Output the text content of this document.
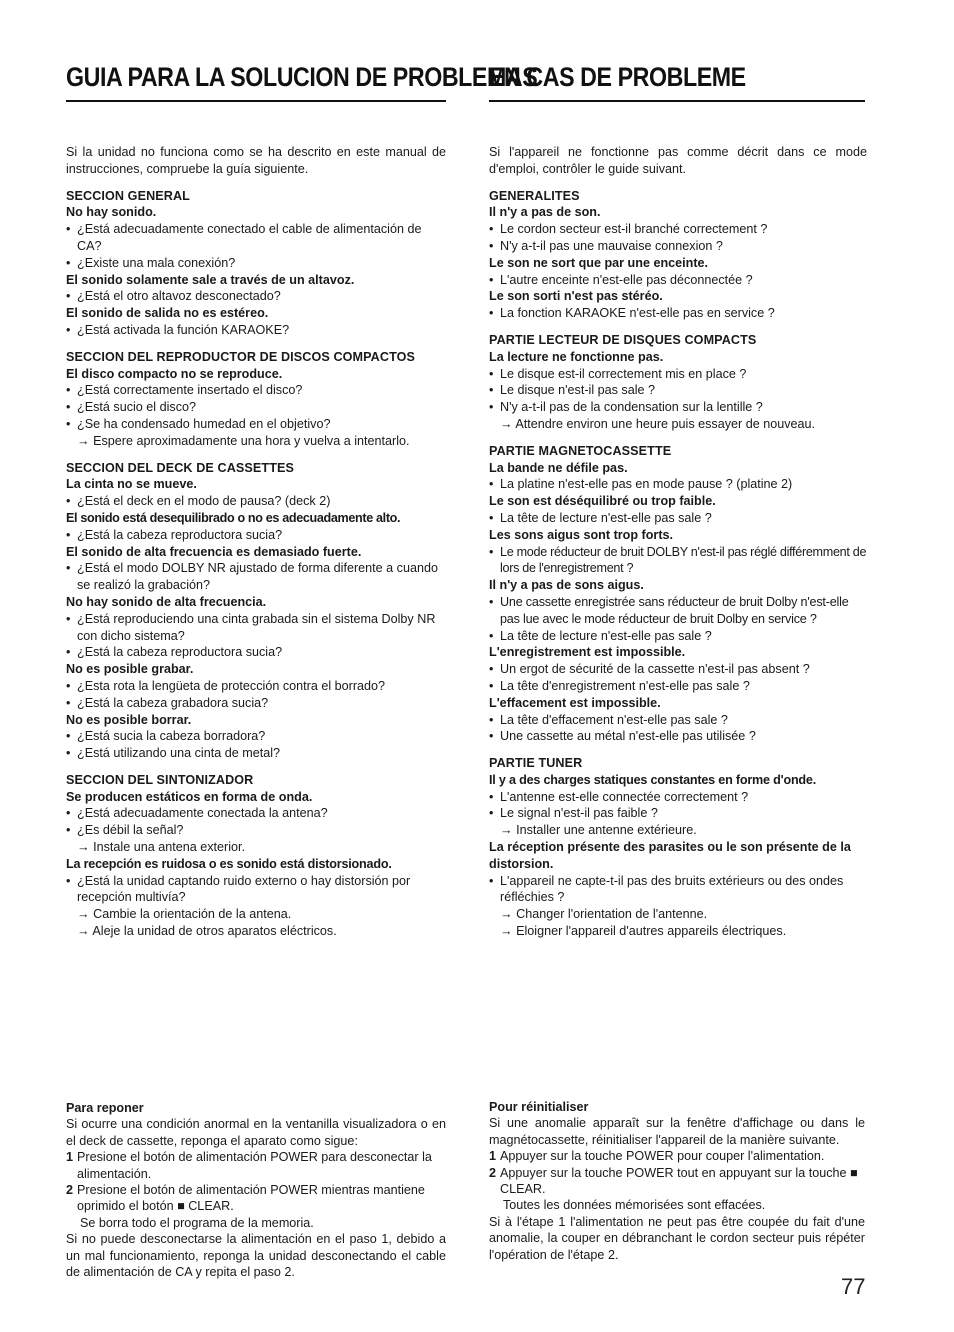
GUIA PARA LA SOLUCION DE PROBLEMAS
EN CAS DE PROBLEME

Si la unidad no funciona como se ha descrito en este manual de instrucciones, compruebe la guía siguiente.

SECCION GENERAL

No hay sonido.

• ¿Está adecuadamente conectado el cable de alimentación de CA?
• ¿Existe una mala conexión?

El sonido solamente sale a través de un altavoz.

• ¿Está el otro altavoz desconectado?

El sonido de salida no es estéreo.

• ¿Está activada la función KARAOKE?

SECCION DEL REPRODUCTOR DE DISCOS COMPACTOS

El disco compacto no se reproduce.

• ¿Está correctamente insertado el disco?
• ¿Está sucio el disco?
• ¿Se ha condensado humedad en el objetivo?
→ Espere aproximadamente una hora y vuelva a intentarlo.

SECCION DEL DECK DE CASSETTES

La cinta no se mueve.

• ¿Está el deck en el modo de pausa? (deck 2)

El sonido está desequilibrado o no es adecuadamente alto.

• ¿Está la cabeza reproductora sucia?

El sonido de alta frecuencia es demasiado fuerte.

• ¿Está el modo DOLBY NR ajustado de forma diferente a cuando se realizó la grabación?

No hay sonido de alta frecuencia.

• ¿Está reproduciendo una cinta grabada sin el sistema Dolby NR con dicho sistema?
• ¿Está la cabeza reproductora sucia?

No es posible grabar.

• ¿Esta rota la lengüeta de protección contra el borrado?
• ¿Está la cabeza grabadora sucia?

No es posible borrar.

• ¿Está sucia la cabeza borradora?
• ¿Está utilizando una cinta de metal?

SECCION DEL SINTONIZADOR

Se producen estáticos en forma de onda.

• ¿Está adecuadamente conectada la antena?
• ¿Es débil la señal?
→ Instale una antena exterior.

La recepción es ruidosa o es sonido está distorsionado.

• ¿Está la unidad captando ruido externo o hay distorsión por recepción multivía?
→ Cambie la orientación de la antena.
→ Aleje la unidad de otros aparatos eléctricos.

Si l'appareil ne fonctionne pas comme décrit dans ce mode d'emploi, contrôler le guide suivant.

GENERALITES

Il n'y a pas de son.

• Le cordon secteur est-il branché correctement ?
• N'y a-t-il pas une mauvaise connexion ?

Le son ne sort que par une enceinte.

• L'autre enceinte n'est-elle pas déconnectée ?

Le son sorti n'est pas stéréo.

• La fonction KARAOKE n'est-elle pas en service ?

PARTIE LECTEUR DE DISQUES COMPACTS

La lecture ne fonctionne pas.

• Le disque est-il correctement mis en place ?
• Le disque n'est-il pas sale ?
• N'y a-t-il pas de la condensation sur la lentille ?
→ Attendre environ une heure puis essayer de nouveau.

PARTIE MAGNETOCASSETTE

La bande ne défile pas.

• La platine n'est-elle pas en mode pause ? (platine 2)

Le son est déséquilibré ou trop faible.

• La tête de lecture n'est-elle pas sale ?

Les sons aigus sont trop forts.

• Le mode réducteur de bruit DOLBY n'est-il pas réglé différemment de lors de l'enregistrement ?

Il n'y a pas de sons aigus.

• Une cassette enregistrée sans réducteur de bruit Dolby n'est-elle pas lue avec le mode réducteur de bruit Dolby en service ?
• La tête de lecture n'est-elle pas sale ?

L'enregistrement est impossible.

• Un ergot de sécurité de la cassette n'est-il pas absent ?
• La tête d'enregistrement n'est-elle pas sale ?

L'effacement est impossible.

• La tête d'effacement n'est-elle pas sale ?
• Une cassette au métal n'est-elle pas utilisée ?

PARTIE TUNER

Il y a des charges statiques constantes en forme d'onde.

• L'antenne est-elle connectée correctement ?
• Le signal n'est-il pas faible ?
→ Installer une antenne extérieure.

La réception présente des parasites ou le son présente de la distorsion.

• L'appareil ne capte-t-il pas des bruits extérieurs ou des ondes réfléchies ?
→ Changer l'orientation de l'antenne.
→ Eloigner l'appareil d'autres appareils électriques.

Para reponer

Si ocurre una condición anormal en la ventanilla visualizadora o en el deck de cassette, reponga el aparato como sigue:

1 Presione el botón de alimentación POWER para desconectar la alimentación.
2 Presione el botón de alimentación POWER mientras mantiene oprimido el botón ■ CLEAR.

Se borra todo el programa de la memoria.

Si no puede desconectarse la alimentación en el paso 1, debido a un mal funcionamiento, reponga la unidad desconectando el cable de alimentación de CA y repita el paso 2.

Pour réinitialiser

Si une anomalie apparaît sur la fenêtre d'affichage ou dans le magnétocassette, réinitialiser l'appareil de la manière suivante.

1 Appuyer sur la touche POWER pour couper l'alimentation.
2 Appuyer sur la touche POWER tout en appuyant sur la touche ■ CLEAR.

Toutes les données mémorisées sont effacées.

Si à l'étape 1 l'alimentation ne peut pas être coupée du fait d'une anomalie, la couper en débranchant le cordon secteur puis répéter l'opération de l'étape 2.

77
